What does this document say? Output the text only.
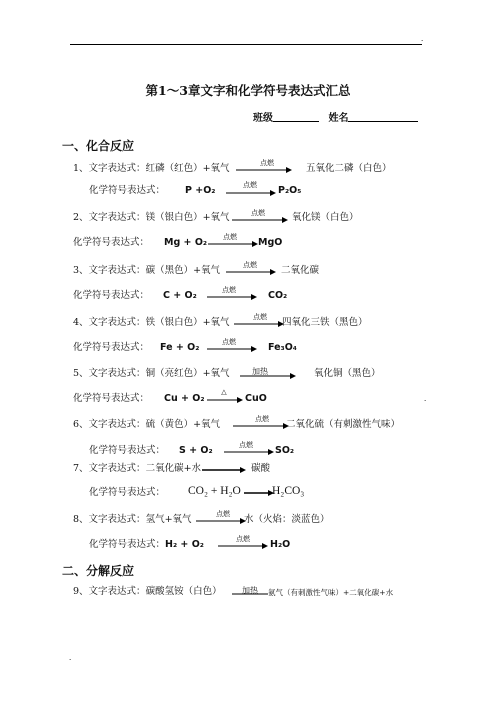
.
第1～3章文字和化学符号表达式汇总
班级	姓名
一、化合反应
1、文字表达式：红磷（红色）+氧气	点燃 → 五氧化二磷（白色）
化学符号表达式： P +O₂	点燃 → P₂O₅
2、文字表达式：镁（银白色）+氧气	点燃 → 氧化镁（白色）
化学符号表达式： Mg + O₂	点燃 → MgO
3、文字表达式：碳（黑色）+氧气	点燃 → 二氧化碳
化学符号表达式： C + O₂	点燃 → CO₂
4、文字表达式：铁（银白色）+氧气	点燃	四氧化三铁（黑色）
化学符号表达式： Fe + O₂	点燃 → Fe₃O₄
5、文字表达式：铜（亮红色）+氧气	加热 → 氧化铜（黑色）
化学符号表达式： Cu + O₂
△
→ CuO	.
6、文字表达式：硫（黄色）+氧气	点燃	二氧化硫（有刺激性气味）
化学符号表达式： S + O₂	点燃 → SO₂
7、文字表达式：二氧化碳+水 → 碳酸
化学符号表达式： CO₂ + H₂O →
H₂CO₃
8、文字表达式：氢气+氧气	点燃	水（火焰：淡蓝色）
化学符号表达式：H₂ + O₂	点燃 → H₂O
二、分解反应
9、文字表达式：碳酸氢铵（白色）	加热	氨气（有刺激性气味）+二氧化碳+水
.
